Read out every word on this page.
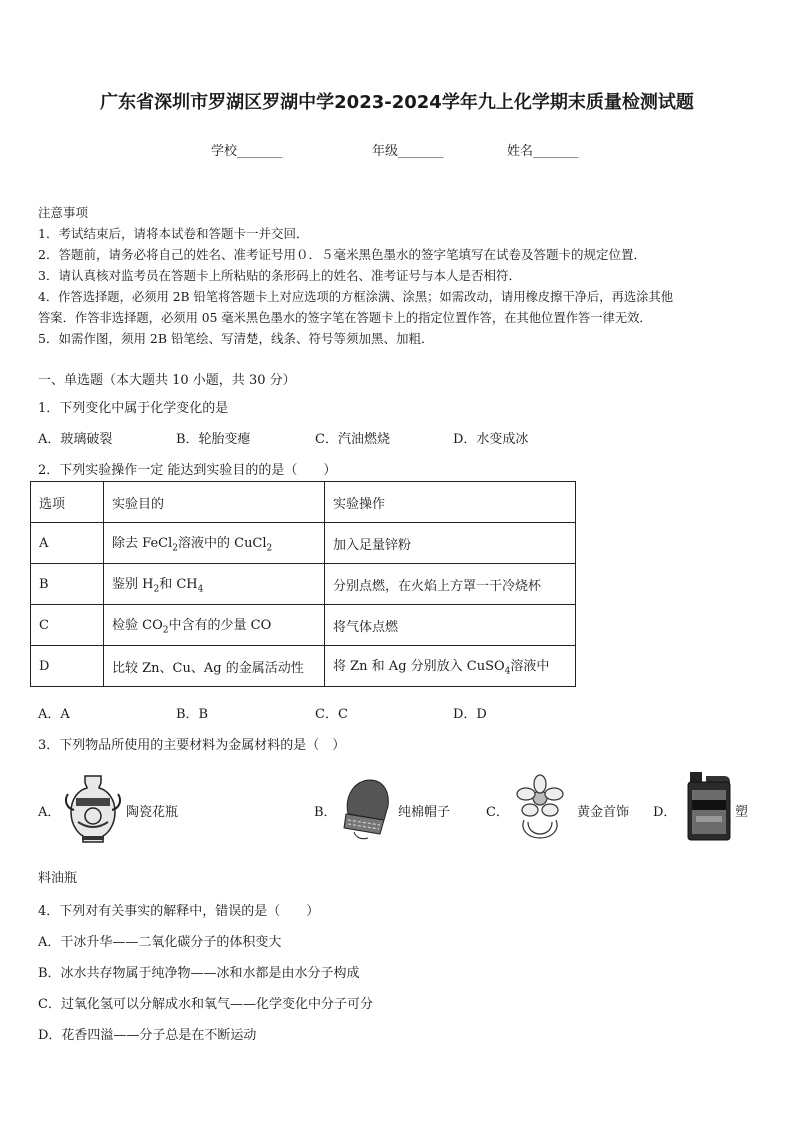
广东省深圳市罗湖区罗湖中学2023-2024学年九上化学期末质量检测试题
学校_______	年级_______	姓名_______
注意事项
1．考试结束后，请将本试卷和答题卡一并交回．
2．答题前，请务必将自己的姓名、准考证号用０．５毫米黑色墨水的签字笔填写在试卷及答题卡的规定位置．
3．请认真核对监考员在答题卡上所粘贴的条形码上的姓名、准考证号与本人是否相符．
4．作答选择题，必须用 2B 铅笔将答题卡上对应选项的方框涂满、涂黑；如需改动，请用橡皮擦干净后，再选涂其他
答案．作答非选择题，必须用 05 毫米黑色墨水的签字笔在答题卡上的指定位置作答，在其他位置作答一律无效．
5．如需作图，须用 2B 铅笔绘、写清楚，线条、符号等须加黑、加粗．
一、单选题（本大题共 10 小题，共 30 分）
1．下列变化中属于化学变化的是
A．玻璃破裂	B．轮胎变瘪	C．汽油燃烧	D．水变成冰
2．下列实验操作一定 能达到实验目的的是（　　）
选项	实验目的	实验操作
A	除去 FeCl$_2$溶液中的 CuCl$_2$	加入足量锌粉
B	鉴别 $H_2$和 $CH_4$	分别点燃，在火焰上方罩一干冷烧杯
C	检验 $CO_2$中含有的少量 CO	将气体点燃
D	比较 Zn、Cu、Ag 的金属活动性	将 Zn 和 Ag 分别放入 CuSO$_4$溶液中
A．A	B．B	C．C	D．D
3．下列物品所使用的主要材料为金属材料的是（　）
A．	陶瓷花瓶	B．	纯棉帽子	C．	黄金首饰 D．	塑
料油瓶
4．下列对有关事实的解释中，错误的是（　　）
A．干冰升华——二氧化碳分子的体积变大
B．冰水共存物属于纯净物——冰和水都是由水分子构成
C．过氧化氢可以分解成水和氧气——化学变化中分子可分
D．花香四溢——分子总是在不断运动
